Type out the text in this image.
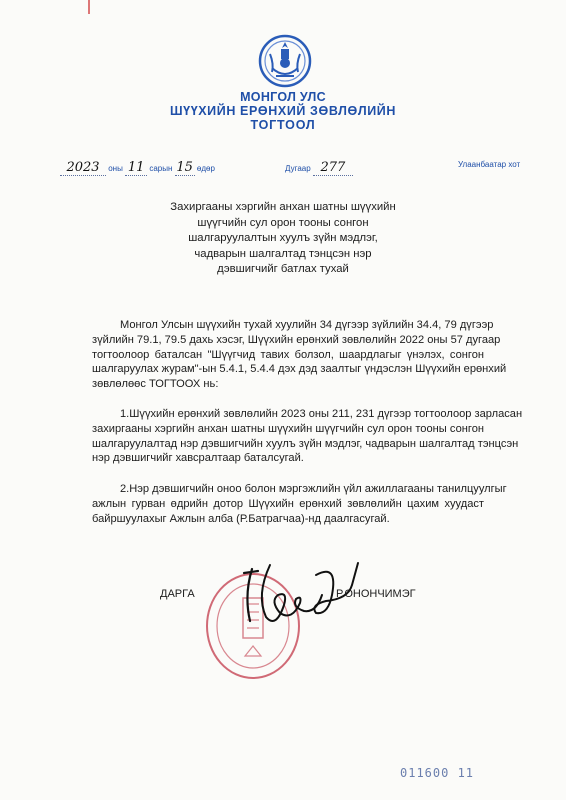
МОНГОЛ УЛС
ШҮҮХИЙН ЕРӨНХИЙ ЗӨВЛӨЛИЙН
ТОГТООЛ
2023 оны 11 сарын 15 өдөр	Дугаар 277	Улаанбаатар хот
Захиргааны хэргийн анхан шатны шүүхийн
шүүгчийн сул орон тооны сонгон
шалгаруулалтын хуулъ зүйн мэдлэг,
чадварын шалгалтад тэнцсэн нэр
дэвшигчийг батлах тухай
Монгол Улсын шүүхийн тухай хуулийн 34 дүгээр зүйлийн 34.4, 79 дүгээр
зүйлийн 79.1, 79.5 дахь хэсэг, Шүүхийн ерөнхий зөвлөлийн 2022 оны 57 дугаар
тогтоолоор баталсан "Шүүгчид тавих болзол, шаардлагыг үнэлэх, сонгон
шалгаруулах журам"-ын 5.4.1, 5.4.4 дэх дэд заалтыг үндэслэн Шүүхийн ерөнхий
зөвлөлөөс ТОГТООХ нь:
1.Шүүхийн ерөнхий зөвлөлийн 2023 оны 211, 231 дүгээр тогтоолоор зарласан
захиргааны хэргийн анхан шатны шүүхийн шүүгчийн сул орон тооны сонгон
шалгаруулалтад нэр дэвшигчийн хуулъ зүйн мэдлэг, чадварын шалгалтад тэнцсэн
нэр дэвшигчийг хавсралтаар баталсугай.
2.Нэр дэвшигчийн оноо болон мэргэжлийн үйл ажиллагааны танилцуулгыг
ажлын гурван өдрийн дотор Шүүхийн ерөнхий зөвлөлийн цахим хуудаст
байршуулахыг Ажлын алба (Р.Батрагчаа)-нд даалгасугай.
ДАРГА	Р.ОНОНЧИМЭГ
011600 11
